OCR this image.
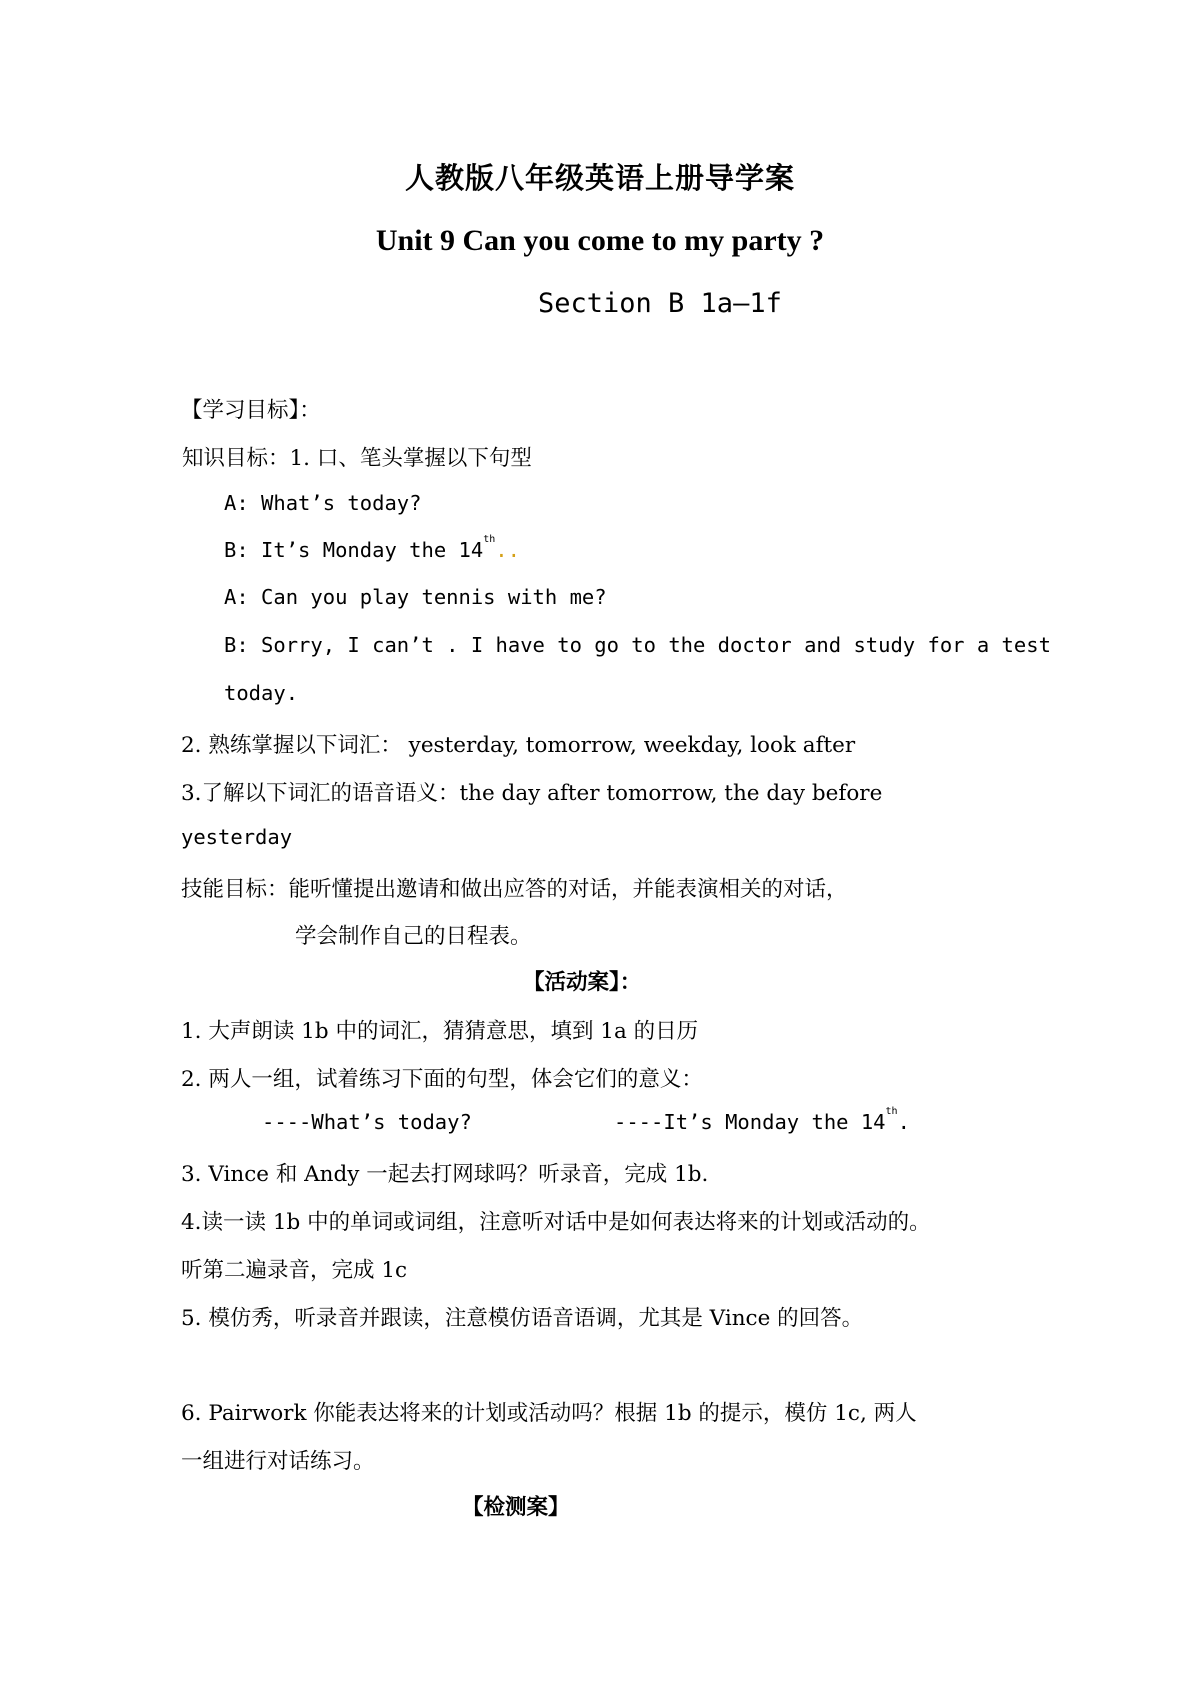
人教版八年级英语上册导学案
Unit 9 Can you come to my party ?
Section B 1a—1f
【学习目标】：
知识目标：1. 口、笔头掌握以下句型
A: What’s today?
B: It’s Monday the 14th..
A: Can you play tennis with me?
B: Sorry, I can’t . I have to go to the doctor and study for a test
today.
2. 熟练掌握以下词汇： yesterday, tomorrow, weekday, look after
3.了解以下词汇的语音语义：the day after tomorrow, the day before
yesterday
技能目标：能听懂提出邀请和做出应答的对话，并能表演相关的对话，
学会制作自己的日程表。
【活动案】：
1. 大声朗读 1b 中的词汇，猜猜意思，填到 1a 的日历
2. 两人一组，试着练习下面的句型，体会它们的意义：
----What’s today?	----It’s Monday the 14th.
3. Vince 和 Andy 一起去打网球吗？听录音，完成 1b.
4.读一读 1b 中的单词或词组，注意听对话中是如何表达将来的计划或活动的。
听第二遍录音，完成 1c
5. 模仿秀，听录音并跟读，注意模仿语音语调，尤其是 Vince 的回答。
6. Pairwork 你能表达将来的计划或活动吗？根据 1b 的提示，模仿 1c, 两人
一组进行对话练习。
【检测案】
